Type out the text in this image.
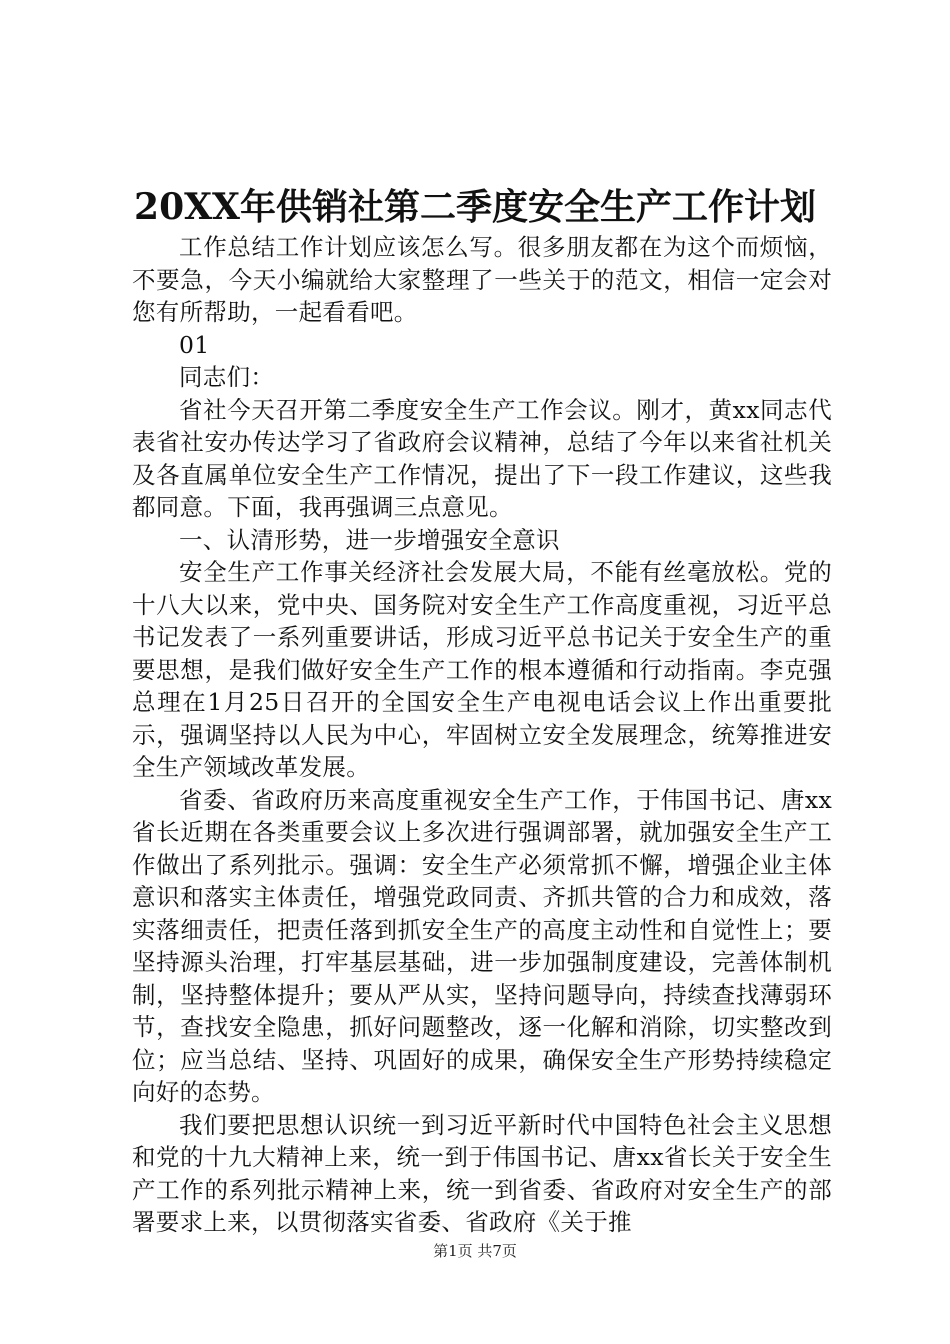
20XX年供销社第二季度安全生产工作计划

工作总结工作计划应该怎么写。很多朋友都在为这个而烦恼，不要急，今天小编就给大家整理了一些关于的范文，相信一定会对您有所帮助，一起看看吧。

01

同志们：

省社今天召开第二季度安全生产工作会议。刚才，黄xx同志代表省社安办传达学习了省政府会议精神，总结了今年以来省社机关及各直属单位安全生产工作情况，提出了下一段工作建议，这些我都同意。下面，我再强调三点意见。

一、认清形势，进一步增强安全意识

安全生产工作事关经济社会发展大局，不能有丝毫放松。党的十八大以来，党中央、国务院对安全生产工作高度重视，习近平总书记发表了一系列重要讲话，形成习近平总书记关于安全生产的重要思想，是我们做好安全生产工作的根本遵循和行动指南。李克强总理在1月25日召开的全国安全生产电视电话会议上作出重要批示，强调坚持以人民为中心，牢固树立安全发展理念，统筹推进安全生产领域改革发展。

省委、省政府历来高度重视安全生产工作，于伟国书记、唐xx省长近期在各类重要会议上多次进行强调部署，就加强安全生产工作做出了系列批示。强调：安全生产必须常抓不懈，增强企业主体意识和落实主体责任，增强党政同责、齐抓共管的合力和成效，落实落细责任，把责任落到抓安全生产的高度主动性和自觉性上；要坚持源头治理，打牢基层基础，进一步加强制度建设，完善体制机制，坚持整体提升；要从严从实，坚持问题导向，持续查找薄弱环节，查找安全隐患，抓好问题整改，逐一化解和消除，切实整改到位；应当总结、坚持、巩固好的成果，确保安全生产形势持续稳定向好的态势。

我们要把思想认识统一到习近平新时代中国特色社会主义思想和党的十九大精神上来，统一到于伟国书记、唐xx省长关于安全生产工作的系列批示精神上来，统一到省委、省政府对安全生产的部署要求上来，以贯彻落实省委、省政府《关于推

第1页 共7页
